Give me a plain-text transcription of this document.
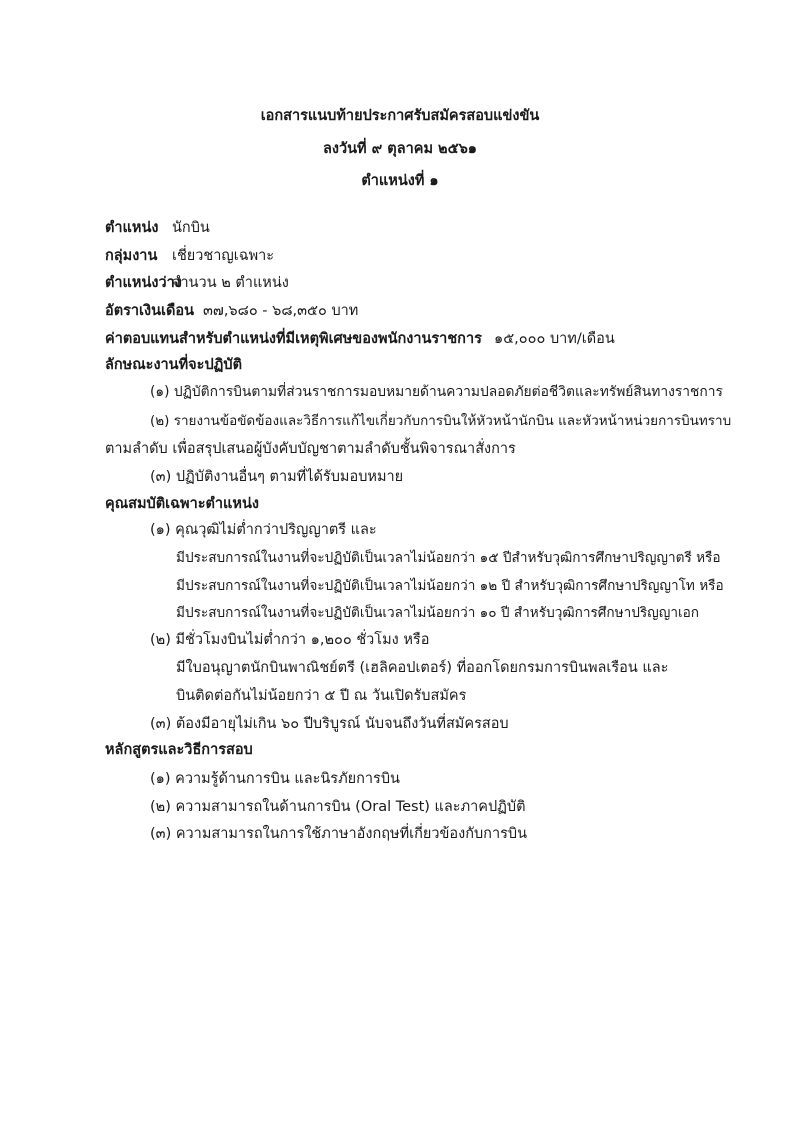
เอกสารแนบท้ายประกาศรับสมัครสอบแข่งขัน
ลงวันที่ ๙ ตุลาคม ๒๕๖๑
ตำแหน่งที่ ๑
ตำแหน่ง นักบิน
กลุ่มงาน เชี่ยวชาญเฉพาะ
ตำแหน่งว่าง
จำนวน ๒ ตำแหน่ง
อัตราเงินเดือน ๓๗,๖๘๐ - ๖๘,๓๕๐ บาท
ค่าตอบแทนสำหรับตำแหน่งที่มีเหตุพิเศษของพนักงานราชการ ๑๕,๐๐๐ บาท/เดือน
ลักษณะงานที่จะปฏิบัติ
(๑) ปฏิบัติการบินตามที่ส่วนราชการมอบหมายด้านความปลอดภัยต่อชีวิตและทรัพย์สินทางราชการ
(๒) รายงานข้อขัดข้องและวิธีการแก้ไขเกี่ยวกับการบินให้หัวหน้านักบิน และหัวหน้าหน่วยการบินทราบ
ตามลำดับ เพื่อสรุปเสนอผู้บังคับบัญชาตามลำดับชั้นพิจารณาสั่งการ
(๓) ปฏิบัติงานอื่นๆ ตามที่ได้รับมอบหมาย
คุณสมบัติเฉพาะตำแหน่ง
(๑) คุณวุฒิไม่ต่ำกว่าปริญญาตรี และ
มีประสบการณ์ในงานที่จะปฏิบัติเป็นเวลาไม่น้อยกว่า ๑๕ ปีสำหรับวุฒิการศึกษาปริญญาตรี หรือ
มีประสบการณ์ในงานที่จะปฏิบัติเป็นเวลาไม่น้อยกว่า ๑๒ ปี สำหรับวุฒิการศึกษาปริญญาโท หรือ
มีประสบการณ์ในงานที่จะปฏิบัติเป็นเวลาไม่น้อยกว่า ๑๐ ปี สำหรับวุฒิการศึกษาปริญญาเอก
(๒) มีชั่วโมงบินไม่ต่ำกว่า ๑,๒๐๐ ชั่วโมง หรือ
มีใบอนุญาตนักบินพาณิชย์ตรี (เฮลิคอปเตอร์) ที่ออกโดยกรมการบินพลเรือน และ
บินติดต่อกันไม่น้อยกว่า ๕ ปี ณ วันเปิดรับสมัคร
(๓) ต้องมีอายุไม่เกิน ๖๐ ปีบริบูรณ์ นับจนถึงวันที่สมัครสอบ
หลักสูตรและวิธีการสอบ
(๑) ความรู้ด้านการบิน และนิรภัยการบิน
(๒) ความสามารถในด้านการบิน (Oral Test) และภาคปฏิบัติ
(๓) ความสามารถในการใช้ภาษาอังกฤษที่เกี่ยวข้องกับการบิน
